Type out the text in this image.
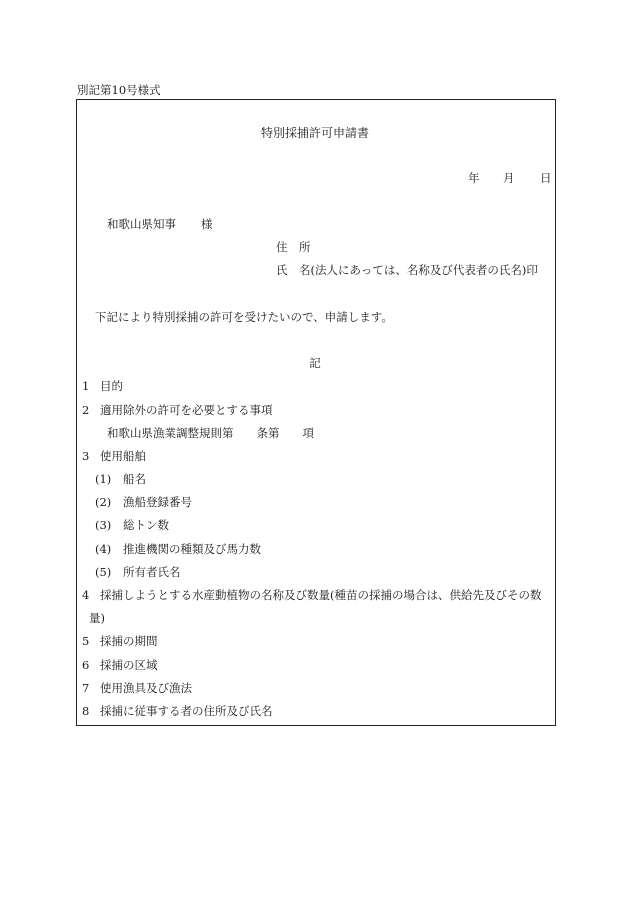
別記第10号様式
特別採捕許可申請書
年 月 日
和歌山県知事 様
住　所
氏　名(法人にあっては、名称及び代表者の氏名)印
下記により特別採捕の許可を受けたいので、申請します。
記
1 目的
2 適用除外の許可を必要とする事項
和歌山県漁業調整規則第　　条第　　項
3 使用船舶
(1) 船名
(2) 漁船登録番号
(3) 総トン数
(4) 推進機関の種類及び馬力数
(5) 所有者氏名
4 採捕しようとする水産動植物の名称及び数量(種苗の採捕の場合は、供給先及びその数
量)
5 採捕の期間
6 採捕の区域
7 使用漁具及び漁法
8 採捕に従事する者の住所及び氏名
